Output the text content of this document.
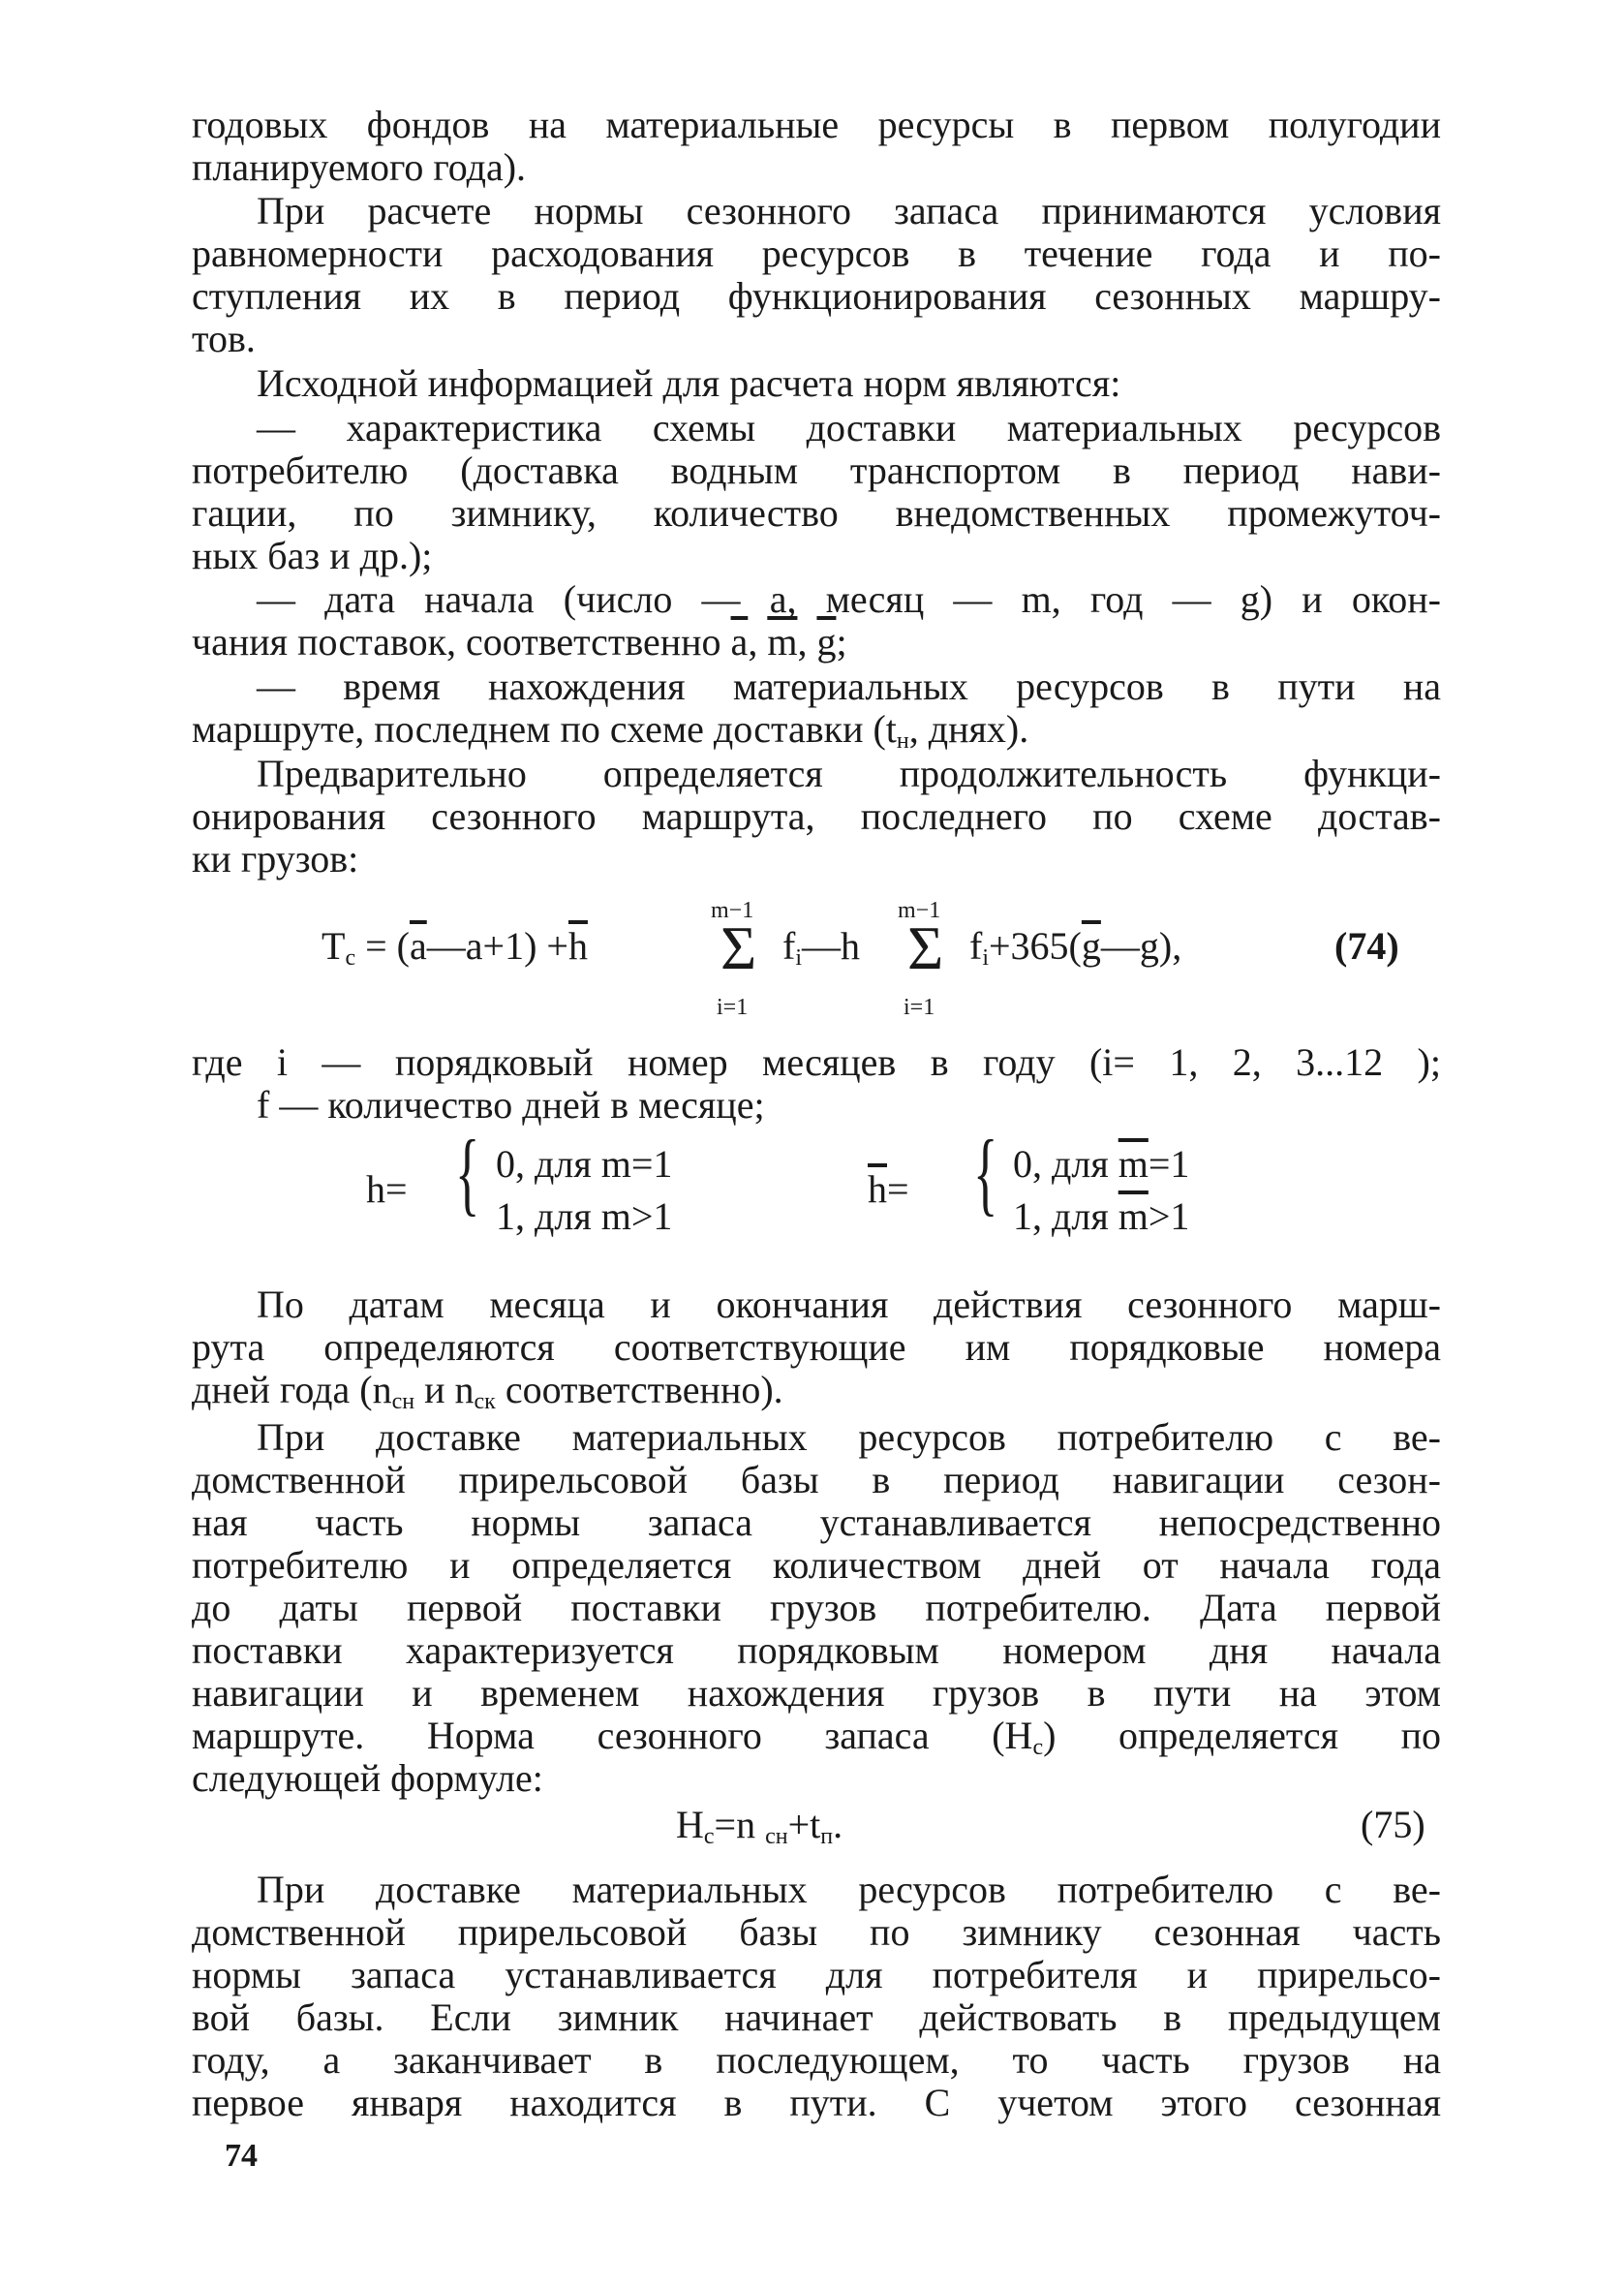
годовых фондов на материальные ресурсы в первом полугодии
планируемого года).
При расчете нормы сезонного запаса принимаются условия
равномерности расходования ресурсов в течение года и по-
ступления их в период функционирования сезонных маршру-
тов.
Исходной информацией для расчета норм являются:
— характеристика схемы доставки материальных ресурсов
потребителю (доставка водным транспортом в период нави-
гации, по зимнику, количество внедомственных промежуточ-
ных баз и др.);
— дата начала (число — a, месяц — m, год — g) и окон-
чания поставок, соответственно $\overline{a}$, $\overline{m}$, $\overline{g}$;
— время нахождения материальных ресурсов в пути на
маршруте, последнем по схеме доставки ($t_н$, днях).
Предварительно определяется продолжительность функци-
онирования сезонного маршрута, последнего по схеме достав-
ки грузов:
$T_c$ = $(\overline{a}—a+1) +\overline{h}$
m−1
Σ
i=1
$f_i—h$
m−1
Σ
i=1
$f_i+365(\overline{g}—g)$,	(74)
где i — порядковый номер месяцев в году (i= 1, 2, 3...12 );
f — количество дней в месяце;
h= { 0, для m=1
1, для m>1
$\overline{h}=$ { 0, для $\overline{m}=1$
1, для $\overline{m}>1$
По датам месяца и окончания действия сезонного марш-
рута определяются соответствующие им порядковые номера
дней года ($n_{сн}$ и $n_{ск}$ соответственно).
При доставке материальных ресурсов потребителю с ве-
домственной прирельсовой базы в период навигации сезон-
ная часть нормы запаса устанавливается непосредственно
потребителю и определяется количеством дней от начала года
до даты первой поставки грузов потребителю. Дата первой
поставки характеризуется порядковым номером дня начала
навигации и временем нахождения грузов в пути на этом
маршруте. Норма сезонного запаса $(Н_с)$ определяется по
следующей формуле:
$Н_с=n$ $_{сн}+t_п$.	(75)
При доставке материальных ресурсов потребителю с ве-
домственной прирельсовой базы по зимнику сезонная часть
нормы запаса устанавливается для потребителя и прирельсо-
вой базы. Если зимник начинает действовать в предыдущем
году, а заканчивает в последующем, то часть грузов на
первое января находится в пути. С учетом этого сезонная
74
